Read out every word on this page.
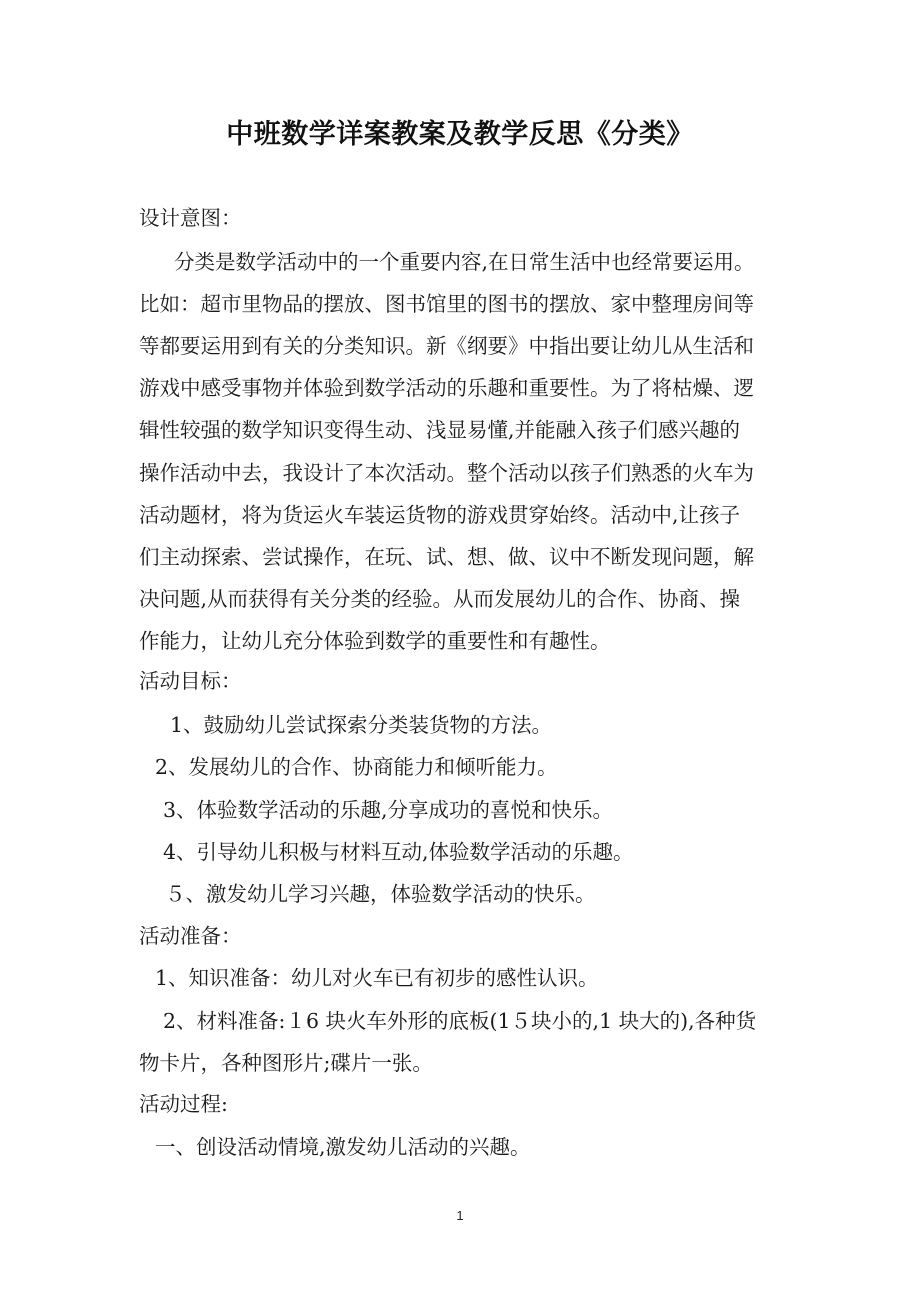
中班数学详案教案及教学反思《分类》
设计意图：
分类是数学活动中的一个重要内容,在日常生活中也经常要运用。
比如：超市里物品的摆放、图书馆里的图书的摆放、家中整理房间等
等都要运用到有关的分类知识。新《纲要》中指出要让幼儿从生活和
游戏中感受事物并体验到数学活动的乐趣和重要性。为了将枯燥、逻
辑性较强的数学知识变得生动、浅显易懂,并能融入孩子们感兴趣的
操作活动中去，我设计了本次活动。整个活动以孩子们熟悉的火车为
活动题材，将为货运火车装运货物的游戏贯穿始终。活动中,让孩子
们主动探索、尝试操作，在玩、试、想、做、议中不断发现问题，解
决问题,从而获得有关分类的经验。从而发展幼儿的合作、协商、操
作能力，让幼儿充分体验到数学的重要性和有趣性。
活动目标：
1、鼓励幼儿尝试探索分类装货物的方法。
2、发展幼儿的合作、协商能力和倾听能力。
3、体验数学活动的乐趣,分享成功的喜悦和快乐。
4、引导幼儿积极与材料互动,体验数学活动的乐趣。
５、激发幼儿学习兴趣，体验数学活动的快乐。
活动准备：
1、知识准备：幼儿对火车已有初步的感性认识。
2、材料准备:１6 块火车外形的底板(1５块小的,1 块大的),各种货
物卡片，各种图形片;碟片一张。
活动过程:
一、创设活动情境,激发幼儿活动的兴趣。
1
